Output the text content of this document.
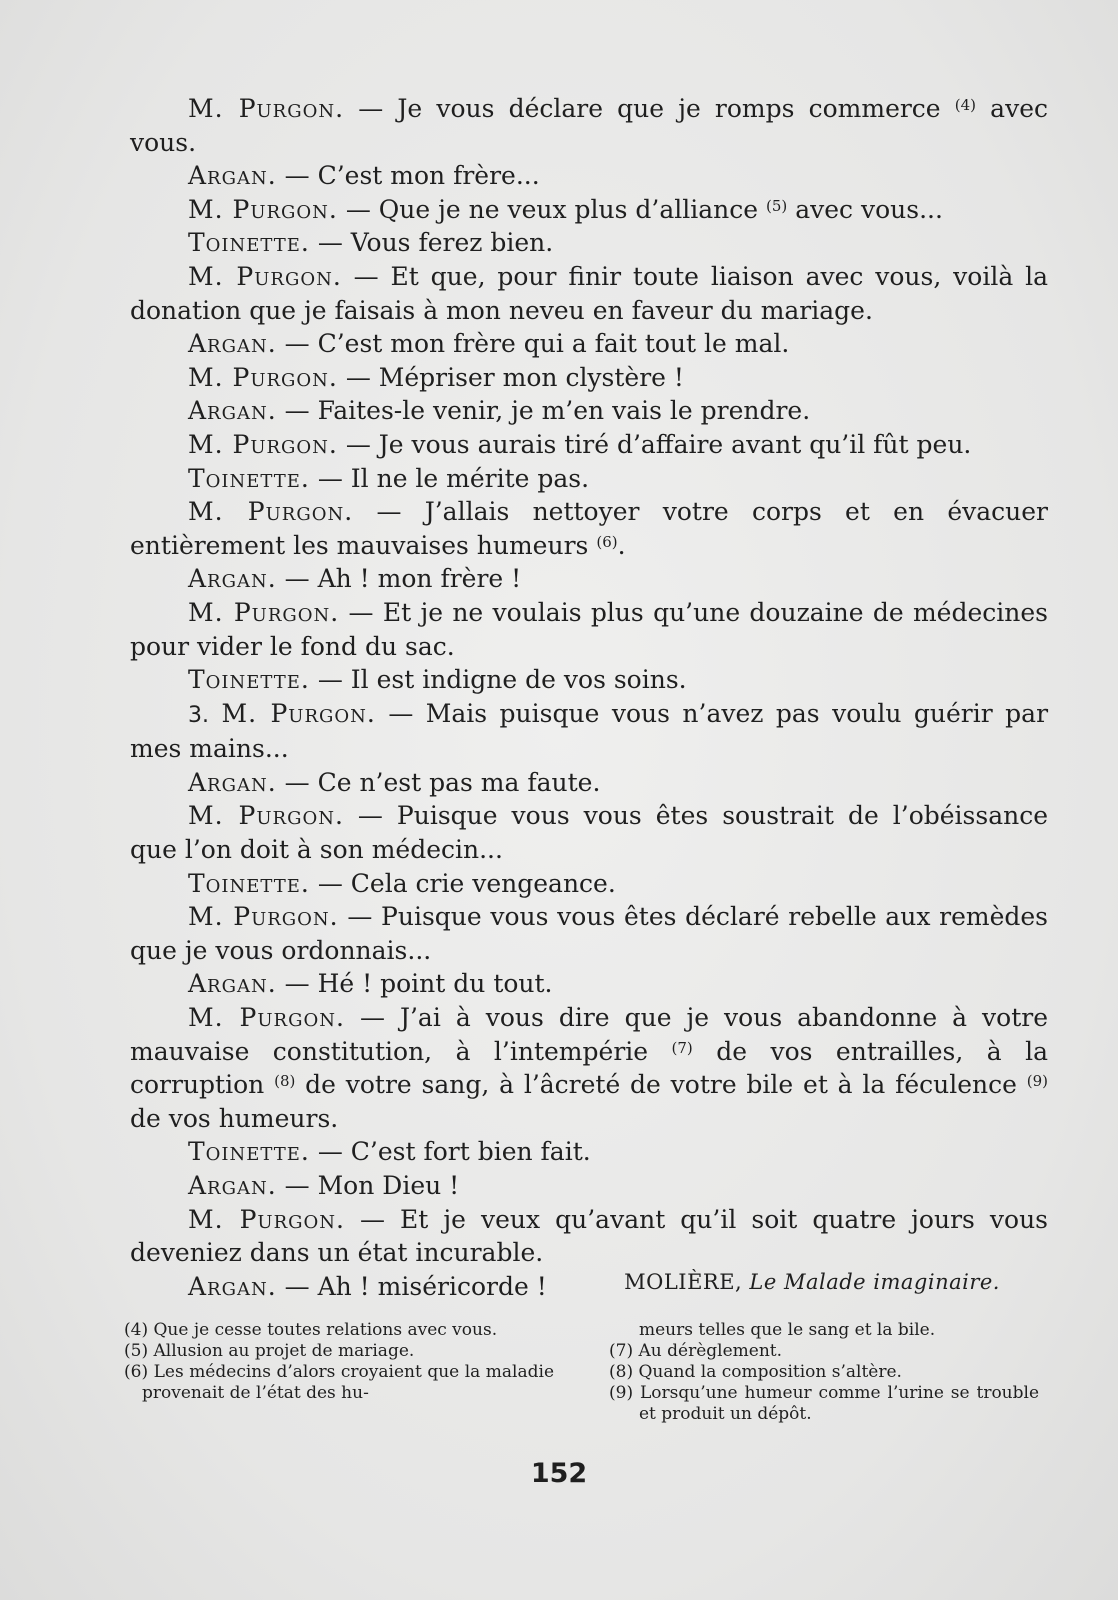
M. Purgon. — Je vous déclare que je romps commerce $^{(4)}$ avec vous.

Argan. — C’est mon frère...

M. Purgon. — Que je ne veux plus d’alliance $^{(5)}$ avec vous...

Toinette. — Vous ferez bien.

M. Purgon. — Et que, pour finir toute liaison avec vous, voilà la donation que je faisais à mon neveu en faveur du mariage.

Argan. — C’est mon frère qui a fait tout le mal.

M. Purgon. — Mépriser mon clystère !

Argan. — Faites-le venir, je m’en vais le prendre.

M. Purgon. — Je vous aurais tiré d’affaire avant qu’il fût peu.

Toinette. — Il ne le mérite pas.

M. Purgon. — J’allais nettoyer votre corps et en évacuer entièrement les mauvaises humeurs $^{(6)}$.

Argan. — Ah ! mon frère !

M. Purgon. — Et je ne voulais plus qu’une douzaine de médecines pour vider le fond du sac.

Toinette. — Il est indigne de vos soins.

3. M. Purgon. — Mais puisque vous n’avez pas voulu guérir par mes mains...

Argan. — Ce n’est pas ma faute.

M. Purgon. — Puisque vous vous êtes soustrait de l’obéissance que l’on doit à son médecin...

Toinette. — Cela crie vengeance.

M. Purgon. — Puisque vous vous êtes déclaré rebelle aux remèdes que je vous ordonnais...

Argan. — Hé ! point du tout.

M. Purgon. — J’ai à vous dire que je vous abandonne à votre mauvaise constitution, à l’intempérie $^{(7)}$ de vos entrailles, à la corruption $^{(8)}$ de votre sang, à l’âcreté de votre bile et à la féculence $^{(9)}$ de vos humeurs.

Toinette. — C’est fort bien fait.

Argan. — Mon Dieu !

M. Purgon. — Et je veux qu’avant qu’il soit quatre jours vous deveniez dans un état incurable.

Argan. — Ah ! miséricorde !	MOLIÈRE, Le Malade imaginaire.

(4) Que je cesse toutes relations avec vous.

(5) Allusion au projet de mariage.

(6) Les médecins d’alors croyaient que la maladie provenait de l’état des hu-

meurs telles que le sang et la bile.

(7) Au dérèglement.

(8) Quand la composition s’altère.

(9) Lorsqu’une humeur comme l’urine se trouble et produit un dépôt.

152
